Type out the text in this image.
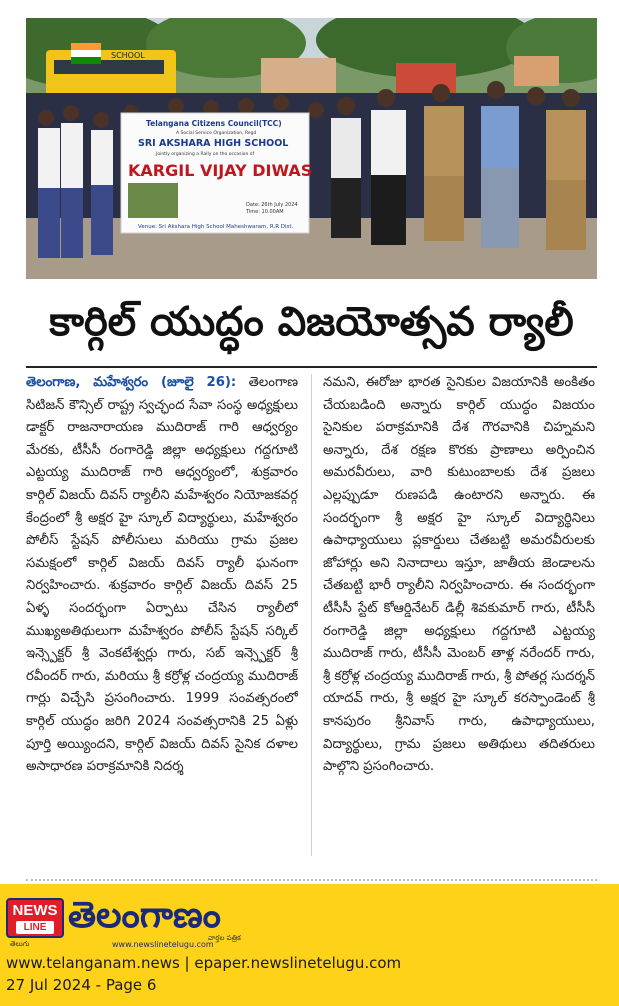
SCHOOL
Telangana Citizens Council(TCC)
A Social Service Organization, Regd
SRI AKSHARA HIGH SCHOOL
Jointly organizing a Rally on the occasion of
KARGIL VIJAY DIWAS
Date: 26th July 2024
Time: 10.00AM
Venue: Sri Akshara High School Maheshwaram, R.R Dist.
కార్గిల్ యుద్ధం విజయోత్సవ ర్యాలీ
తెలంగాణ, మహేశ్వరం (జూలై 26): తెలంగాణ సిటిజన్ కౌన్సిల్ రాష్ట్ర స్వచ్ఛంద సేవా సంస్థ అధ్యక్షులు డాక్టర్ రాజనారాయణ ముదిరాజ్ గారి ఆధ్వర్యం మేరకు, టీసీసీ రంగారెడ్డి జిల్లా అధ్యక్షులు గద్దగూటి ఎట్టయ్య ముదిరాజ్ గారి ఆధ్వర్యంలో, శుక్రవారం కార్గిల్ విజయ్ దివస్ ర్యాలీని మహేశ్వరం నియోజకవర్గ కేంద్రంలో శ్రీ అక్షర హై స్కూల్ విద్యార్థులు, మహేశ్వరం పోలీస్ స్టేషన్ పోలీసులు మరియు గ్రామ ప్రజల సమక్షంలో కార్గిల్ విజయ్ దివస్ ర్యాలీ ఘనంగా నిర్వహించారు. శుక్రవారం కార్గిల్ విజయ్ దివస్ 25 ఏళ్ళ సందర్భంగా ఏర్పాటు చేసిన ర్యాలీలో ముఖ్యఅతిథులుగా మహేశ్వరం పోలీస్ స్టేషన్ సర్కిల్ ఇన్స్పెక్టర్ శ్రీ వెంకటేశ్వర్లు గారు, సబ్ ఇన్స్పెక్టర్ శ్రీ రవీందర్ గారు, మరియు శ్రీ కర్రోళ్ల చంద్రయ్య ముదిరాజ్ గార్లు విచ్చేసి ప్రసంగించారు. 1999 సంవత్సరంలో కార్గిల్ యుద్ధం జరిగి 2024 సంవత్సరానికి 25 ఏళ్లు పూర్తి అయ్యిందని, కార్గిల్ విజయ్ దివస్ సైనిక దళాల అసాధారణ పరాక్రమానికి నిదర్శ
నమని, ఈరోజు భారత సైనికుల విజయానికి అంకితం చేయబడింది అన్నారు కార్గిల్ యుద్ధం విజయం సైనికుల పరాక్రమానికి దేశ గౌరవానికి చిహ్నమని అన్నారు, దేశ రక్షణ కొరకు ప్రాణాలు అర్పించిన అమరవీరులు, వారి కుటుంబాలకు దేశ ప్రజలు ఎల్లప్పుడూ రుణపడి ఉంటారని అన్నారు. ఈ సందర్భంగా శ్రీ అక్షర హై స్కూల్ విద్యార్థినిలు ఉపాధ్యాయులు ప్లకార్డులు చేతబట్టి అమరవీరులకు జోహార్లు అని నినాదాలు ఇస్తూ, జాతీయ జెండాలను చేతబట్టి భారీ ర్యాలీని నిర్వహించారు. ఈ సందర్భంగా టీసీసీ స్టేట్ కోఆర్డినేటర్ డిల్లీ శివకుమార్ గారు, టీసీసీ రంగారెడ్డి జిల్లా అధ్యక్షులు గద్దగూటి ఎట్టయ్య ముదిరాజ్ గారు, టీసీసీ మెంబర్ తాళ్ల నరేందర్ గారు, శ్రీ కర్రోళ్ల చంద్రయ్య ముదిరాజ్ గారు, శ్రీ పోతర్ల సుదర్శన్ యాదవ్ గారు, శ్రీ అక్షర హై స్కూల్ కరస్పాండెంట్ శ్రీ కానపురం శ్రీనివాస్ గారు, ఉపాధ్యాయులు, విద్యార్థులు, గ్రామ ప్రజలు అతిథులు తదితరులు పాల్గొని ప్రసంగించారు.
NEWS
LINE
తెలుగు
తెలంగాణం
వార్తల పత్రిక
www.newslinetelugu.com
www.telanganam.news | epaper.newslinetelugu.com
27 Jul 2024 - Page 6
